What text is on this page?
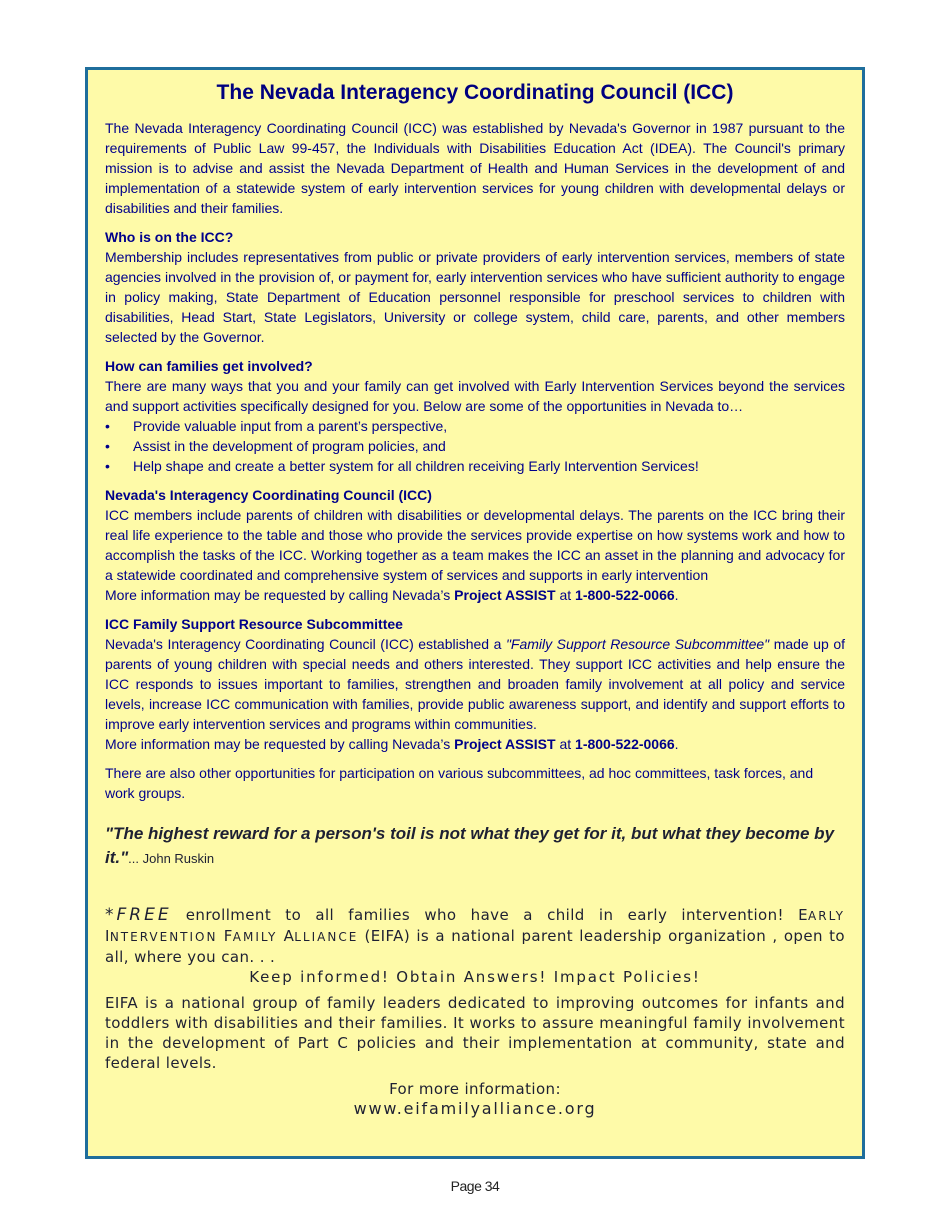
The Nevada Interagency Coordinating Council (ICC)
The Nevada Interagency Coordinating Council (ICC) was established by Nevada's Governor in 1987 pursuant to the requirements of Public Law 99-457, the Individuals with Disabilities Education Act (IDEA). The Council's primary mission is to advise and assist the Nevada Department of Health and Human Services in the development of and implementation of a statewide system of early intervention services for young children with developmental delays or disabilities and their families.
Who is on the ICC?
Membership includes representatives from public or private providers of early intervention services, members of state agencies involved in the provision of, or payment for, early intervention services who have sufficient authority to engage in policy making, State Department of Education personnel responsible for preschool services to children with disabilities, Head Start, State Legislators, University or college system, child care, parents, and other members selected by the Governor.
How can families get involved?
There are many ways that you and your family can get involved with Early Intervention Services beyond the services and support activities specifically designed for you. Below are some of the opportunities in Nevada to…
•	Provide valuable input from a parent’s perspective,
•	Assist in the development of program policies, and
•	Help shape and create a better system for all children receiving Early Intervention Services!
Nevada's Interagency Coordinating Council (ICC)
ICC members include parents of children with disabilities or developmental delays. The parents on the ICC bring their real life experience to the table and those who provide the services provide expertise on how systems work and how to accomplish the tasks of the ICC. Working together as a team makes the ICC an asset in the planning and advocacy for a statewide coordinated and comprehensive system of services and supports in early intervention
More information may be requested by calling Nevada’s Project ASSIST at 1-800-522-0066.
ICC Family Support Resource Subcommittee
Nevada's Interagency Coordinating Council (ICC) established a "Family Support Resource Subcommittee" made up of parents of young children with special needs and others interested. They support ICC activities and help ensure the ICC responds to issues important to families, strengthen and broaden family involvement at all policy and service levels, increase ICC communication with families, provide public awareness support, and identify and support efforts to improve early intervention services and programs within communities.
More information may be requested by calling Nevada’s Project ASSIST at 1-800-522-0066.
There are also other opportunities for participation on various subcommittees, ad hoc committees, task forces, and work groups.
"The highest reward for a person's toil is not what they get for it, but what they become by it."... John Ruskin
*FREE enrollment to all families who have a child in early intervention! EARLY INTERVENTION FAMILY ALLIANCE (EIFA) is a national parent leadership organization , open to all, where you can. . .
Keep informed! Obtain Answers! Impact Policies!
EIFA is a national group of family leaders dedicated to improving outcomes for infants and toddlers with disabilities and their families. It works to assure meaningful family involvement in the development of Part C policies and their implementation at community, state and federal levels.
For more information:
www.eifamilyalliance.org
Page 34
